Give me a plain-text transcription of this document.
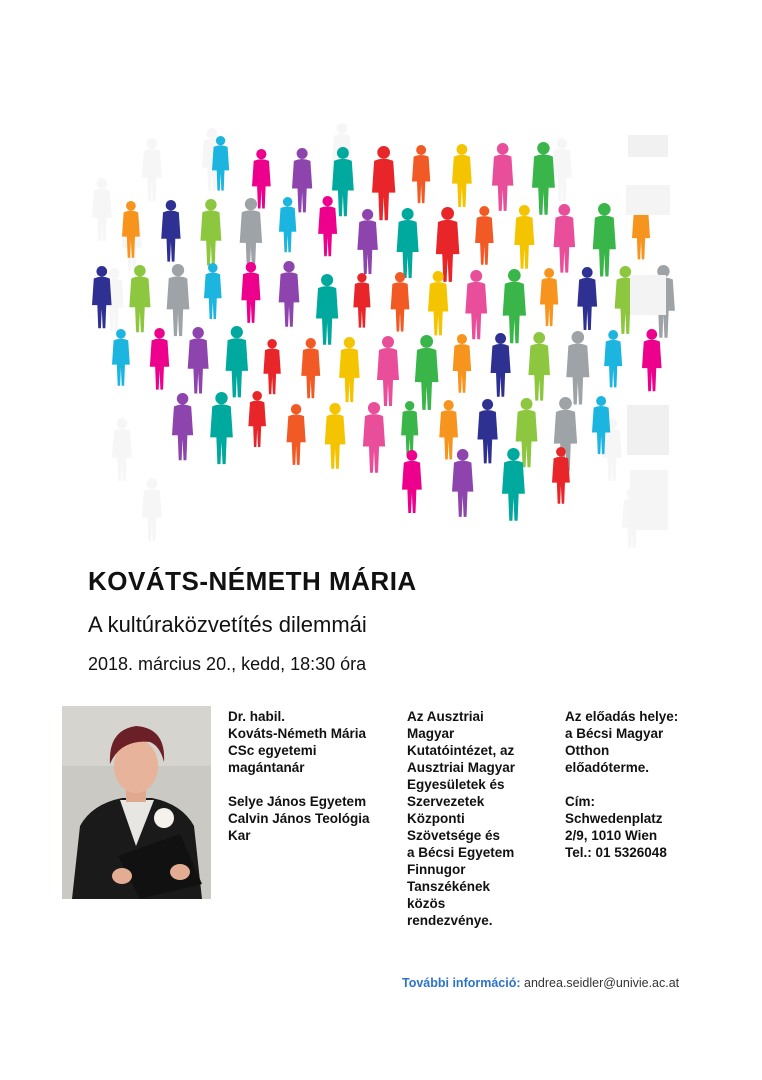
KOVÁTS-NÉMETH MÁRIA
A kultúraközvetítés dilemmái
2018. március 20., kedd, 18:30 óra
Dr. habil.
Kováts-Németh Mária
CSc egyetemi
magántanár
Selye János Egyetem
Calvin János Teológia
Kar
Az Ausztriai
Magyar
Kutatóintézet, az
Ausztriai Magyar
Egyesületek és
Szervezetek
Központi
Szövetsége és
a Bécsi Egyetem
Finnugor
Tanszékének
közös
rendezvénye.
Az előadás helye:
a Bécsi Magyar
Otthon
előadóterme.
Cím:
Schwedenplatz
2/9, 1010 Wien
Tel.: 01 5326048
További információ: andrea.seidler@univie.ac.at
